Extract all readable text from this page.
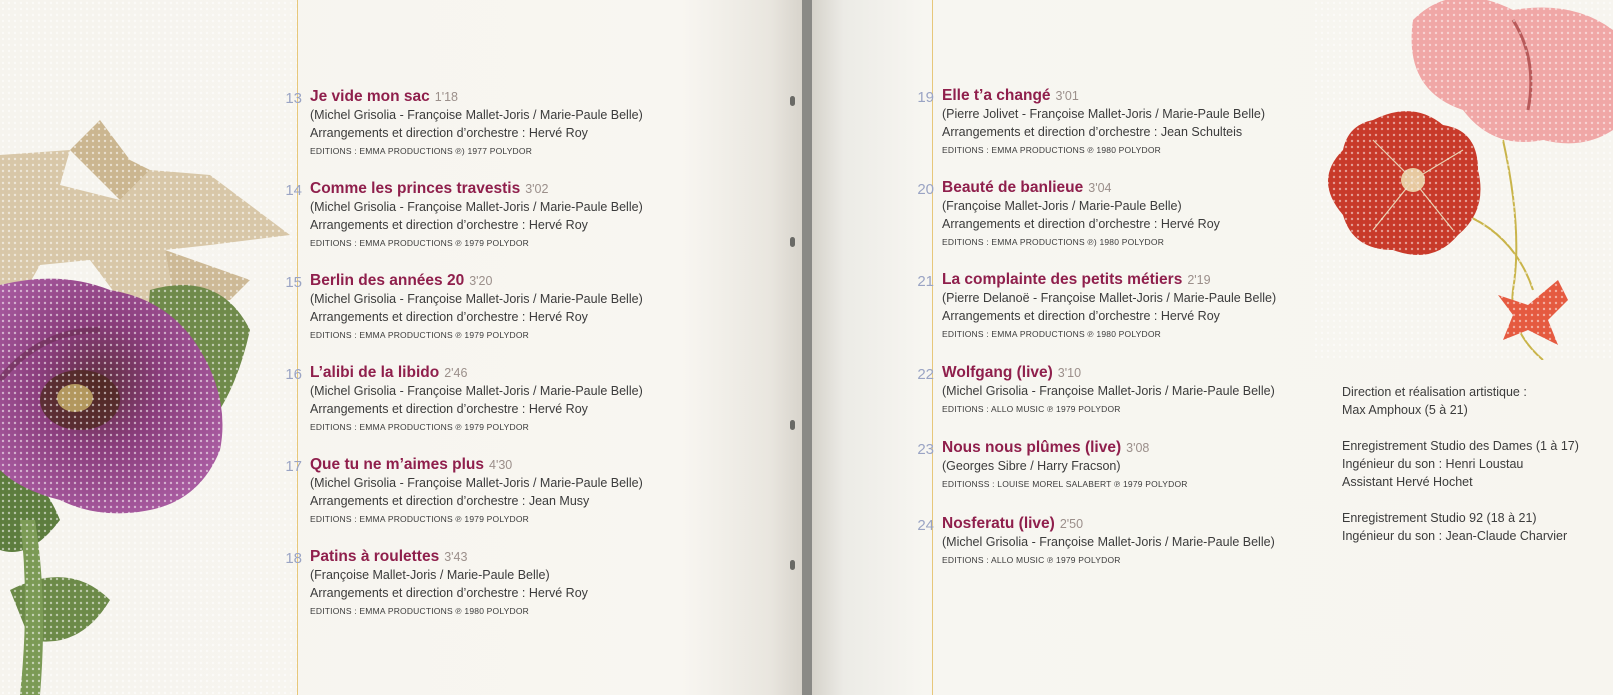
13 Je vide mon sac 1'18
(Michel Grisolia - Françoise Mallet-Joris / Marie-Paule Belle)
Arrangements et direction d’orchestre : Hervé Roy
EDITIONS : EMMA PRODUCTIONS ℗) 1977 POLYDOR
14 Comme les princes travestis 3'02
(Michel Grisolia - Françoise Mallet-Joris / Marie-Paule Belle)
Arrangements et direction d’orchestre : Hervé Roy
EDITIONS : EMMA PRODUCTIONS ℗ 1979 POLYDOR
15 Berlin des années 20 3'20
(Michel Grisolia - Françoise Mallet-Joris / Marie-Paule Belle)
Arrangements et direction d’orchestre : Hervé Roy
EDITIONS : EMMA PRODUCTIONS ℗ 1979 POLYDOR
16 L’alibi de la libido 2'46
(Michel Grisolia - Françoise Mallet-Joris / Marie-Paule Belle)
Arrangements et direction d’orchestre : Hervé Roy
EDITIONS : EMMA PRODUCTIONS ℗ 1979 POLYDOR
17 Que tu ne m’aimes plus 4'30
(Michel Grisolia - Françoise Mallet-Joris / Marie-Paule Belle)
Arrangements et direction d’orchestre : Jean Musy
EDITIONS : EMMA PRODUCTIONS ℗ 1979 POLYDOR
18 Patins à roulettes 3'43
(Françoise Mallet-Joris / Marie-Paule Belle)
Arrangements et direction d’orchestre : Hervé Roy
EDITIONS : EMMA PRODUCTIONS ℗ 1980 POLYDOR
19 Elle t’a changé 3'01
(Pierre Jolivet - Françoise Mallet-Joris / Marie-Paule Belle)
Arrangements et direction d’orchestre : Jean Schulteis
EDITIONS : EMMA PRODUCTIONS ℗ 1980 POLYDOR
20 Beauté de banlieue 3'04
(Françoise Mallet-Joris / Marie-Paule Belle)
Arrangements et direction d’orchestre : Hervé Roy
EDITIONS : EMMA PRODUCTIONS ℗) 1980 POLYDOR
21 La complainte des petits métiers 2'19
(Pierre Delanoë - Françoise Mallet-Joris / Marie-Paule Belle)
Arrangements et direction d’orchestre : Hervé Roy
EDITIONS : EMMA PRODUCTIONS ℗ 1980 POLYDOR
22 Wolfgang (live) 3'10
(Michel Grisolia - Françoise Mallet-Joris / Marie-Paule Belle)
EDITIONS : ALLO MUSIC ℗ 1979 POLYDOR
23 Nous nous plûmes (live) 3'08
(Georges Sibre / Harry Fracson)
EDITIONSS : LOUISE MOREL SALABERT ℗ 1979 POLYDOR
24 Nosferatu (live) 2'50
(Michel Grisolia - Françoise Mallet-Joris / Marie-Paule Belle)
EDITIONS : ALLO MUSIC ℗ 1979 POLYDOR
Direction et réalisation artistique :
Max Amphoux (5 à 21)
Enregistrement Studio des Dames (1 à 17)
Ingénieur du son : Henri Loustau
Assistant Hervé Hochet
Enregistrement Studio 92 (18 à 21)
Ingénieur du son : Jean-Claude Charvier
